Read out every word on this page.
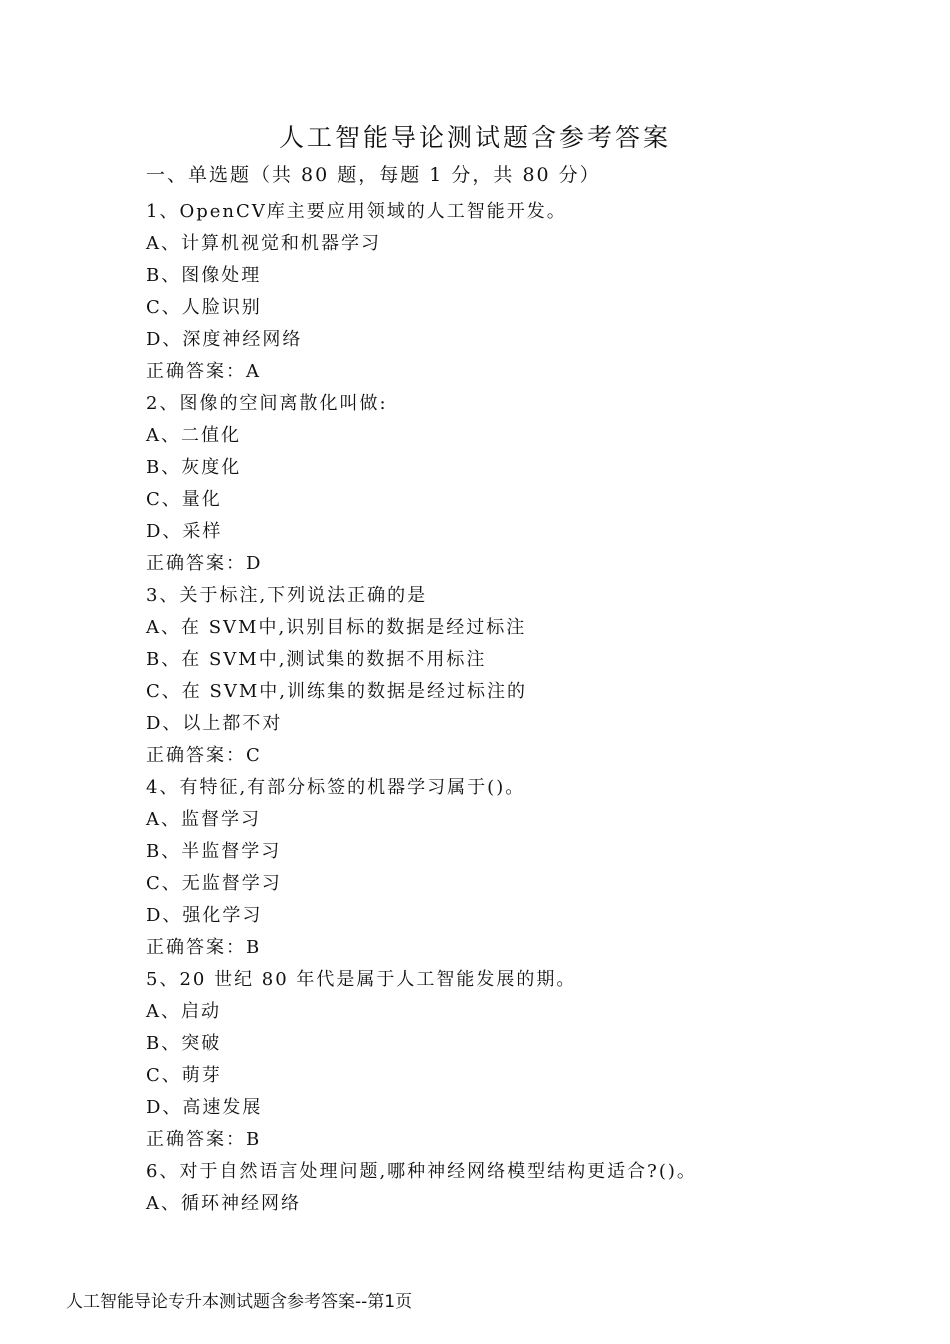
人工智能导论测试题含参考答案
一、单选题（共 80 题，每题 1 分，共 80 分）
1、OpenCV库主要应用领域的人工智能开发。
A、计算机视觉和机器学习
B、图像处理
C、人脸识别
D、深度神经网络
正确答案：A
2、图像的空间离散化叫做:
A、二值化
B、灰度化
C、量化
D、采样
正确答案：D
3、关于标注,下列说法正确的是
A、在 SVM中,识别目标的数据是经过标注
B、在 SVM中,测试集的数据不用标注
C、在 SVM中,训练集的数据是经过标注的
D、以上都不对
正确答案：C
4、有特征,有部分标签的机器学习属于()。
A、监督学习
B、半监督学习
C、无监督学习
D、强化学习
正确答案：B
5、20 世纪 80 年代是属于人工智能发展的期。
A、启动
B、突破
C、萌芽
D、高速发展
正确答案：B
6、对于自然语言处理问题,哪种神经网络模型结构更适合?()。
A、循环神经网络
人工智能导论专升本测试题含参考答案--第1页
